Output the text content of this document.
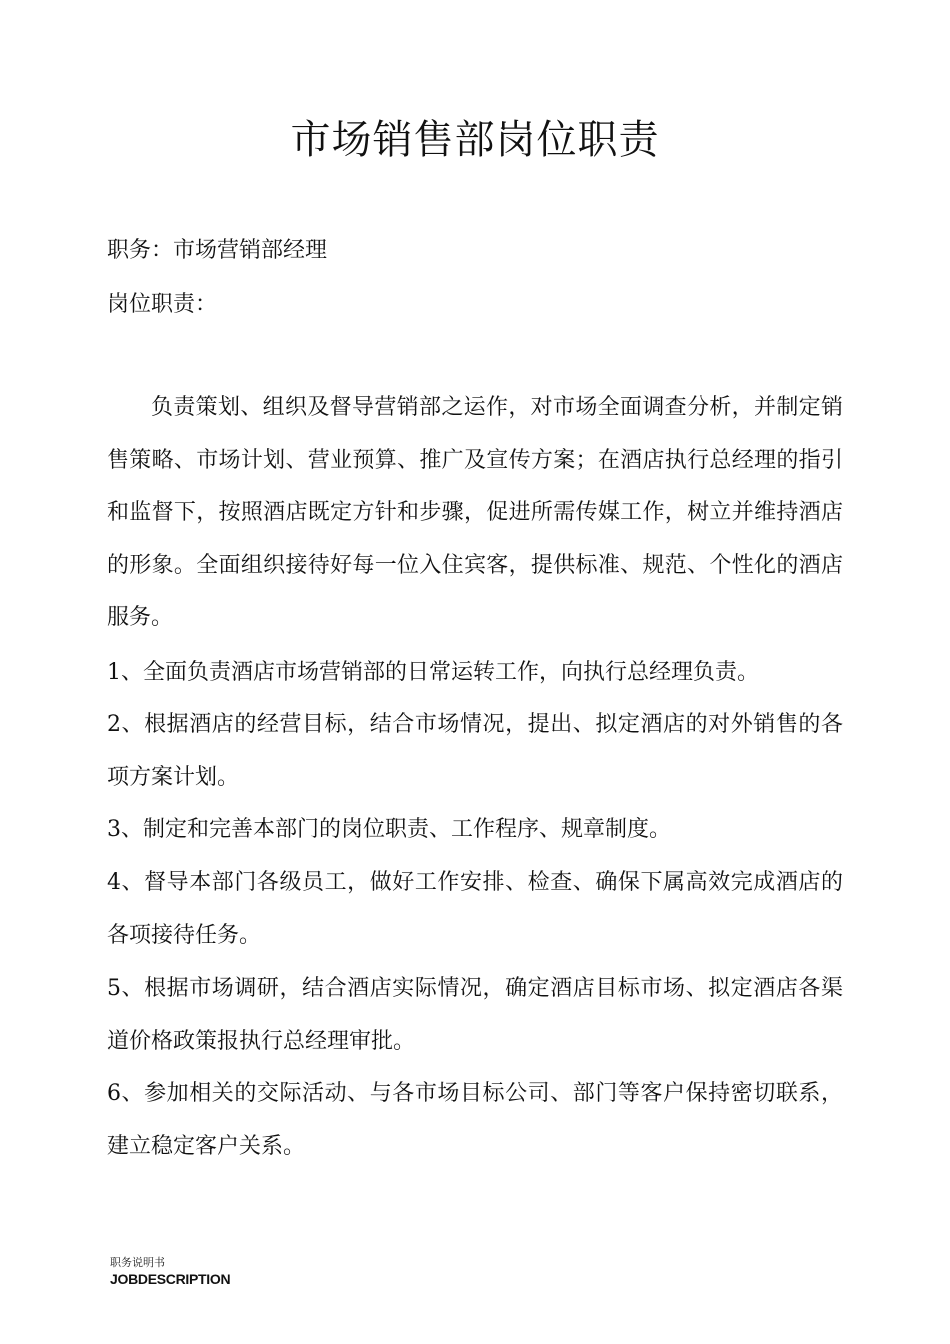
市场销售部岗位职责

职务：市场营销部经理

岗位职责：

负责策划、组织及督导营销部之运作，对市场全面调查分析，并制定销售策略、市场计划、营业预算、推广及宣传方案；在酒店执行总经理的指引和监督下，按照酒店既定方针和步骤，促进所需传媒工作，树立并维持酒店的形象。全面组织接待好每一位入住宾客，提供标准、规范、个性化的酒店服务。

1、全面负责酒店市场营销部的日常运转工作，向执行总经理负责。

2、根据酒店的经营目标，结合市场情况，提出、拟定酒店的对外销售的各项方案计划。

3、制定和完善本部门的岗位职责、工作程序、规章制度。

4、督导本部门各级员工，做好工作安排、检查、确保下属高效完成酒店的各项接待任务。

5、根据市场调研，结合酒店实际情况，确定酒店目标市场、拟定酒店各渠道价格政策报执行总经理审批。

6、参加相关的交际活动、与各市场目标公司、部门等客户保持密切联系，建立稳定客户关系。

职务说明书
JOBDESCRIPTION
